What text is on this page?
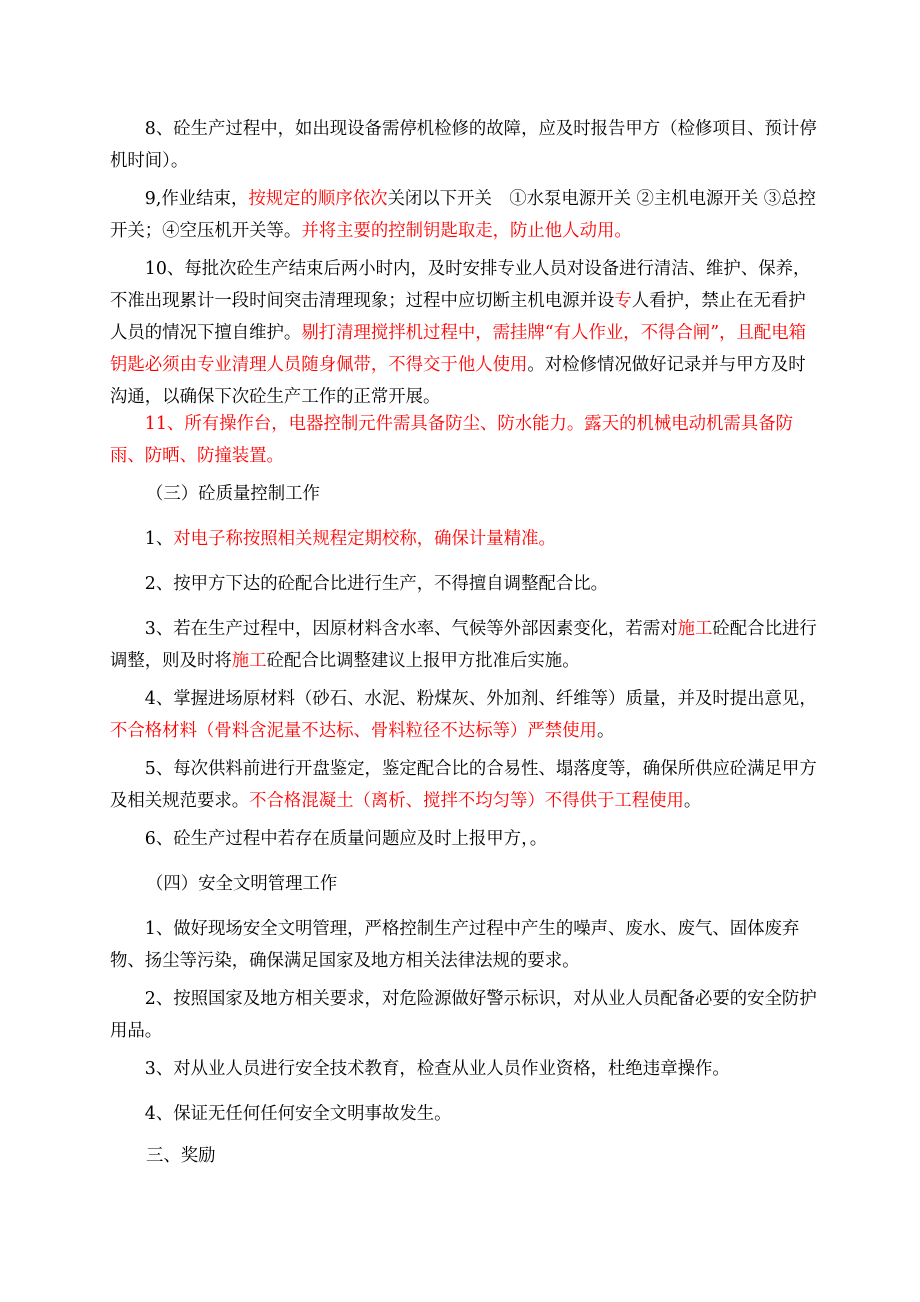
8、砼生产过程中，如出现设备需停机检修的故障，应及时报告甲方（检修项目、预计停机时间）。

9,作业结束，按规定的顺序依次关闭以下开关　①水泵电源开关 ②主机电源开关 ③总控开关；④空压机开关等。并将主要的控制钥匙取走，防止他人动用。

10、每批次砼生产结束后两小时内，及时安排专业人员对设备进行清洁、维护、保养，不准出现累计一段时间突击清理现象；过程中应切断主机电源并设专人看护，禁止在无看护人员的情况下擅自维护。剔打清理搅拌机过程中，需挂牌“有人作业，不得合闸”，且配电箱钥匙必须由专业清理人员随身佩带，不得交于他人使用。对检修情况做好记录并与甲方及时沟通，以确保下次砼生产工作的正常开展。

11、所有操作台，电器控制元件需具备防尘、防水能力。露天的机械电动机需具备防雨、防晒、防撞装置。

（三）砼质量控制工作

1、对电子称按照相关规程定期校称，确保计量精准。

2、按甲方下达的砼配合比进行生产，不得擅自调整配合比。

3、若在生产过程中，因原材料含水率、气候等外部因素变化，若需对施工砼配合比进行调整，则及时将施工砼配合比调整建议上报甲方批准后实施。

4、掌握进场原材料（砂石、水泥、粉煤灰、外加剂、纤维等）质量，并及时提出意见，不合格材料（骨料含泥量不达标、骨料粒径不达标等）严禁使用。

5、每次供料前进行开盘鉴定，鉴定配合比的合易性、塌落度等，确保所供应砼满足甲方及相关规范要求。不合格混凝土（离析、搅拌不均匀等）不得供于工程使用。

6、砼生产过程中若存在质量问题应及时上报甲方，。

（四）安全文明管理工作

1、做好现场安全文明管理，严格控制生产过程中产生的噪声、废水、废气、固体废弃物、扬尘等污染，确保满足国家及地方相关法律法规的要求。

2、按照国家及地方相关要求，对危险源做好警示标识，对从业人员配备必要的安全防护用品。

3、对从业人员进行安全技术教育，检查从业人员作业资格，杜绝违章操作。

4、保证无任何任何安全文明事故发生。

三、奖励
